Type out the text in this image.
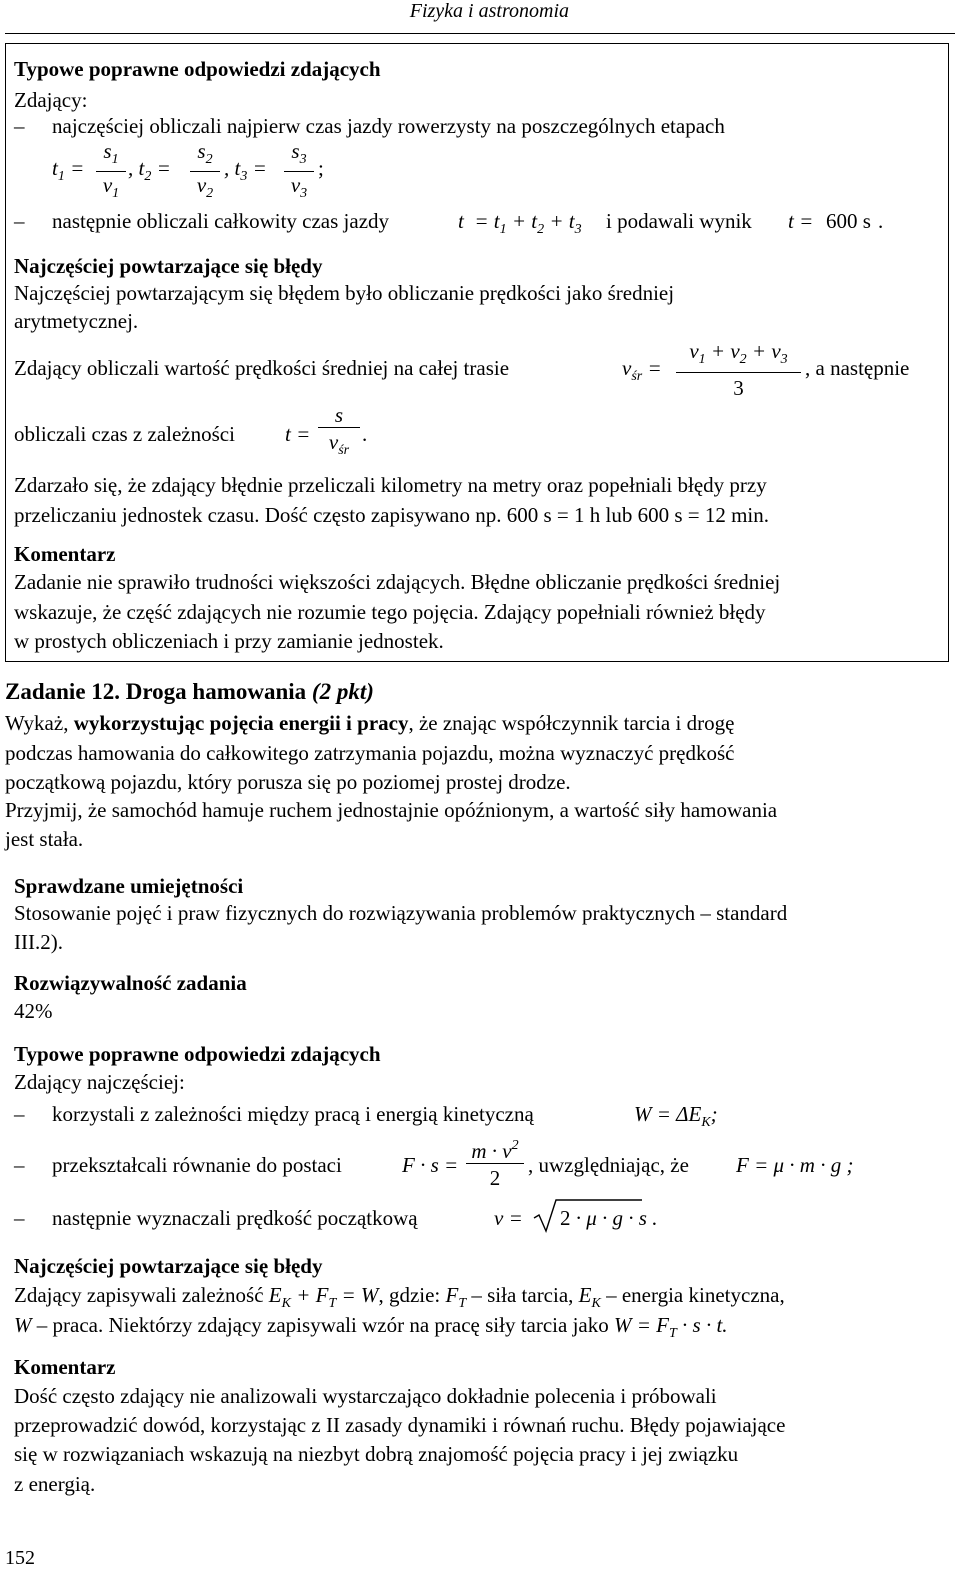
Fizyka i astronomia
Typowe poprawne odpowiedzi zdających
Zdający:
– najczęściej obliczali najpierw czas jazdy rowerzysty na poszczególnych etapach
$t_1$ =
$s_1$
$v_1$
, $t_2$ =
$s_2$
$v_2$
, $t_3$ =
$s_3$
$v_3$
;
– następnie obliczali całkowity czas jazdy	$t = t_1 + t_2 + t_3$ i podawali wynik t = 600 s .
Najczęściej powtarzające się błędy
Najczęściej powtarzającym się błędem było obliczanie prędkości jako średniej
arytmetycznej.
Zdający obliczali wartość prędkości średniej na całej trasie	$v_{śr}$ =
$v_1 + v_2 + v_3$
3
, a następnie
obliczali czas z zależności t =
s
$v_{śr}$
.
Zdarzało się, że zdający błędnie przeliczali kilometry na metry oraz popełniali błędy przy
przeliczaniu jednostek czasu. Dość często zapisywano np. 600 s = 1 h lub 600 s = 12 min.
Komentarz
Zadanie nie sprawiło trudności większości zdających. Błędne obliczanie prędkości średniej
wskazuje, że część zdających nie rozumie tego pojęcia. Zdający popełniali również błędy
w prostych obliczeniach i przy zamianie jednostek.
Zadanie 12. Droga hamowania (2 pkt)
Wykaż, wykorzystując pojęcia energii i pracy, że znając współczynnik tarcia i drogę
podczas hamowania do całkowitego zatrzymania pojazdu, można wyznaczyć prędkość
początkową pojazdu, który porusza się po poziomej prostej drodze.
Przyjmij, że samochód hamuje ruchem jednostajnie opóźnionym, a wartość siły hamowania
jest stała.
Sprawdzane umiejętności
Stosowanie pojęć i praw fizycznych do rozwiązywania problemów praktycznych – standard
III.2).
Rozwiązywalność zadania
42%
Typowe poprawne odpowiedzi zdających
Zdający najczęściej:
– korzystali z zależności między pracą i energią kinetyczną	$W = \Delta E_K$;
– przekształcali równanie do postaci	F · s =
$m \cdot v^2$
2
, uwzględniając, że F = μ · m · g ;
– następnie wyznaczali prędkość początkową	v = 2 · μ · g · s .
Najczęściej powtarzające się błędy
Zdający zapisywali zależność $E_K + F_T = W$, gdzie: $F_T$ – siła tarcia, $E_K$ – energia kinetyczna,
W – praca. Niektórzy zdający zapisywali wzór na pracę siły tarcia jako $W = F_T \cdot s \cdot t$.
Komentarz
Dość często zdający nie analizowali wystarczająco dokładnie polecenia i próbowali
przeprowadzić dowód, korzystając z II zasady dynamiki i równań ruchu. Błędy pojawiające
się w rozwiązaniach wskazują na niezbyt dobrą znajomość pojęcia pracy i jej związku
z energią.
152
